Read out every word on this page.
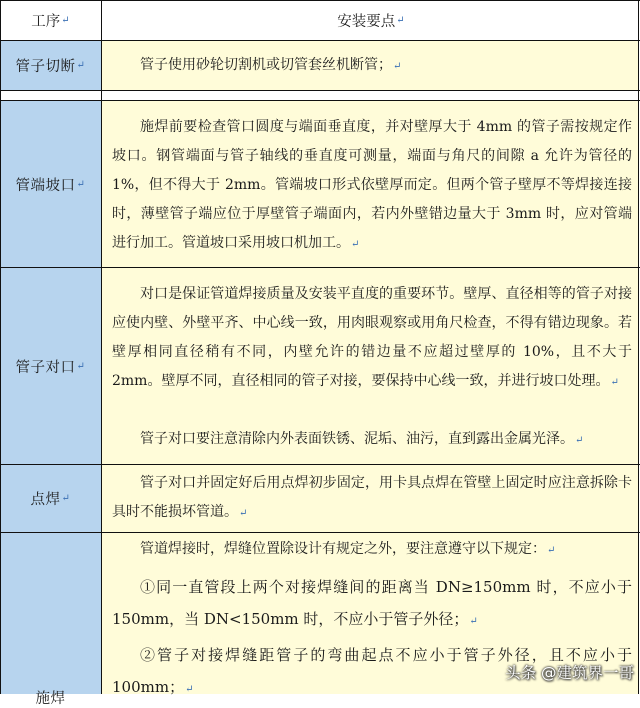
工序 ↵	安装要点 ↵
管子切断 ↵	管子使用砂轮切割机或切管套丝机断管；↵
管端坡口 ↵
施焊前要检查管口圆度与端面垂直度，并对壁厚大于 4mm 的管子需按规定作坡口。钢管端面与管子轴线的垂直度可测量，端面与角尺的间隙 a 允许为管径的 1%，但不得大于 2mm。管端坡口形式依壁厚而定。但两个管子壁厚不等焊接连接时，薄壁管子端应位于厚壁管子端面内，若内外壁错边量大于 3mm 时，应对管端进行加工。管道坡口采用坡口机加工。↵
管子对口 ↵
对口是保证管道焊接质量及安装平直度的重要环节。壁厚、直径相等的管子对接应使内壁、外壁平齐、中心线一致，用肉眼观察或用角尺检查，不得有错边现象。若壁厚相同直径稍有不同，内壁允许的错边量不应超过壁厚的 10%，且不大于 2mm。壁厚不同，直径相同的管子对接，要保持中心线一致，并进行坡口处理。↵
管子对口要注意清除内外表面铁锈、泥垢、油污，直到露出金属光泽。↵
点焊 ↵
管子对口并固定好后用点焊初步固定，用卡具点焊在管壁上固定时应注意拆除卡具时不能损坏管道。↵
施焊
管道焊接时，焊缝位置除设计有规定之外，要注意遵守以下规定：↵
①同一直管段上两个对接焊缝间的距离当 DN≥150mm 时，不应小于 150mm，当 DN<150mm 时，不应小于管子外径；↵
②管子对接焊缝距管子的弯曲起点不应小于管子外径，且不应小于 100mm；↵
头条 @建筑界一哥
